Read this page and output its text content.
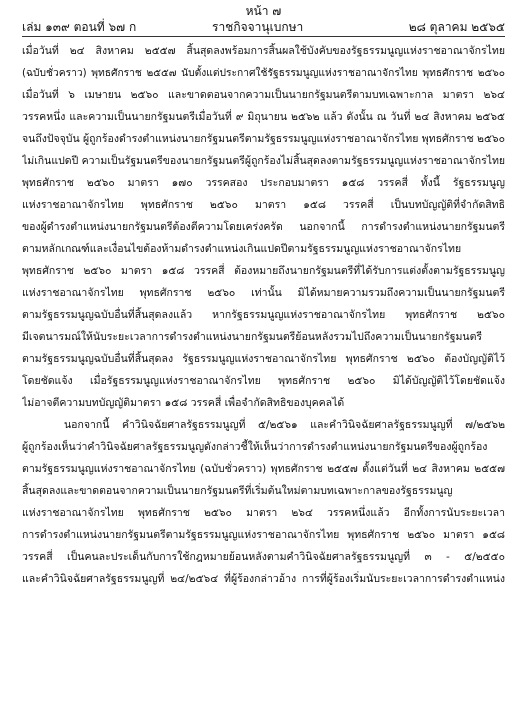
หน้า ๗
เล่ม ๑๓๙ ตอนที่ ๖๗ ก	ราชกิจจานุเบกษา	๒๘ ตุลาคม ๒๕๖๕
เมื่อวันที่ ๒๔ สิงหาคม ๒๕๕๗ สิ้นสุดลงพร้อมการสิ้นผลใช้บังคับของรัฐธรรมนูญแห่งราชอาณาจักรไทย
(ฉบับชั่วคราว) พุทธศักราช ๒๕๕๗ นับตั้งแต่ประกาศใช้รัฐธรรมนูญแห่งราชอาณาจักรไทย พุทธศักราช ๒๕๖๐
เมื่อวันที่ ๖ เมษายน ๒๕๖๐ และขาดตอนจากความเป็นนายกรัฐมนตรีตามบทเฉพาะกาล มาตรา ๒๖๔
วรรคหนึ่ง และความเป็นนายกรัฐมนตรีเมื่อวันที่ ๙ มิถุนายน ๒๕๖๒ แล้ว ดังนั้น ณ วันที่ ๒๔ สิงหาคม ๒๕๖๕
จนถึงปัจจุบัน ผู้ถูกร้องดำรงตำแหน่งนายกรัฐมนตรีตามรัฐธรรมนูญแห่งราชอาณาจักรไทย พุทธศักราช ๒๕๖๐
ไม่เกินแปดปี ความเป็นรัฐมนตรีของนายกรัฐมนตรีผู้ถูกร้องไม่สิ้นสุดลงตามรัฐธรรมนูญแห่งราชอาณาจักรไทย
พุทธศักราช ๒๕๖๐ มาตรา ๑๗๐ วรรคสอง ประกอบมาตรา ๑๕๘ วรรคสี่ ทั้งนี้ รัฐธรรมนูญ
แห่งราชอาณาจักรไทย พุทธศักราช ๒๕๖๐ มาตรา ๑๕๘ วรรคสี่ เป็นบทบัญญัติที่จำกัดสิทธิ
ของผู้ดำรงตำแหน่งนายกรัฐมนตรีต้องตีความโดยเคร่งครัด นอกจากนี้ การดำรงตำแหน่งนายกรัฐมนตรี
ตามหลักเกณฑ์และเงื่อนไขต้องห้ามดำรงตำแหน่งเกินแปดปีตามรัฐธรรมนูญแห่งราชอาณาจักรไทย
พุทธศักราช ๒๕๖๐ มาตรา ๑๕๘ วรรคสี่ ต้องหมายถึงนายกรัฐมนตรีที่ได้รับการแต่งตั้งตามรัฐธรรมนูญ
แห่งราชอาณาจักรไทย พุทธศักราช ๒๕๖๐ เท่านั้น มิได้หมายความรวมถึงความเป็นนายกรัฐมนตรี
ตามรัฐธรรมนูญฉบับอื่นที่สิ้นสุดลงแล้ว หากรัฐธรรมนูญแห่งราชอาณาจักรไทย พุทธศักราช ๒๕๖๐
มีเจตนารมณ์ให้นับระยะเวลาการดำรงตำแหน่งนายกรัฐมนตรีย้อนหลังรวมไปถึงความเป็นนายกรัฐมนตรี
ตามรัฐธรรมนูญฉบับอื่นที่สิ้นสุดลง รัฐธรรมนูญแห่งราชอาณาจักรไทย พุทธศักราช ๒๕๖๐ ต้องบัญญัติไว้
โดยชัดแจ้ง เมื่อรัฐธรรมนูญแห่งราชอาณาจักรไทย พุทธศักราช ๒๕๖๐ มิได้บัญญัติไว้โดยชัดแจ้ง
ไม่อาจตีความบทบัญญัติมาตรา ๑๕๘ วรรคสี่ เพื่อจำกัดสิทธิของบุคคลได้
นอกจากนี้ คำวินิจฉัยศาลรัฐธรรมนูญที่ ๕/๒๕๖๑ และคำวินิจฉัยศาลรัฐธรรมนูญที่ ๗/๒๕๖๒
ผู้ถูกร้องเห็นว่าคำวินิจฉัยศาลรัฐธรรมนูญดังกล่าวชี้ให้เห็นว่าการดำรงตำแหน่งนายกรัฐมนตรีของผู้ถูกร้อง
ตามรัฐธรรมนูญแห่งราชอาณาจักรไทย (ฉบับชั่วคราว) พุทธศักราช ๒๕๕๗ ตั้งแต่วันที่ ๒๔ สิงหาคม ๒๕๕๗
สิ้นสุดลงและขาดตอนจากความเป็นนายกรัฐมนตรีที่เริ่มต้นใหม่ตามบทเฉพาะกาลของรัฐธรรมนูญ
แห่งราชอาณาจักรไทย พุทธศักราช ๒๕๖๐ มาตรา ๒๖๔ วรรคหนึ่งแล้ว อีกทั้งการนับระยะเวลา
การดำรงตำแหน่งนายกรัฐมนตรีตามรัฐธรรมนูญแห่งราชอาณาจักรไทย พุทธศักราช ๒๕๖๐ มาตรา ๑๕๘
วรรคสี่ เป็นคนละประเด็นกับการใช้กฎหมายย้อนหลังตามคำวินิจฉัยศาลรัฐธรรมนูญที่ ๓ - ๕/๒๕๕๐
และคำวินิจฉัยศาลรัฐธรรมนูญที่ ๒๔/๒๕๖๔ ที่ผู้ร้องกล่าวอ้าง การที่ผู้ร้องเริ่มนับระยะเวลาการดำรงตำแหน่ง
